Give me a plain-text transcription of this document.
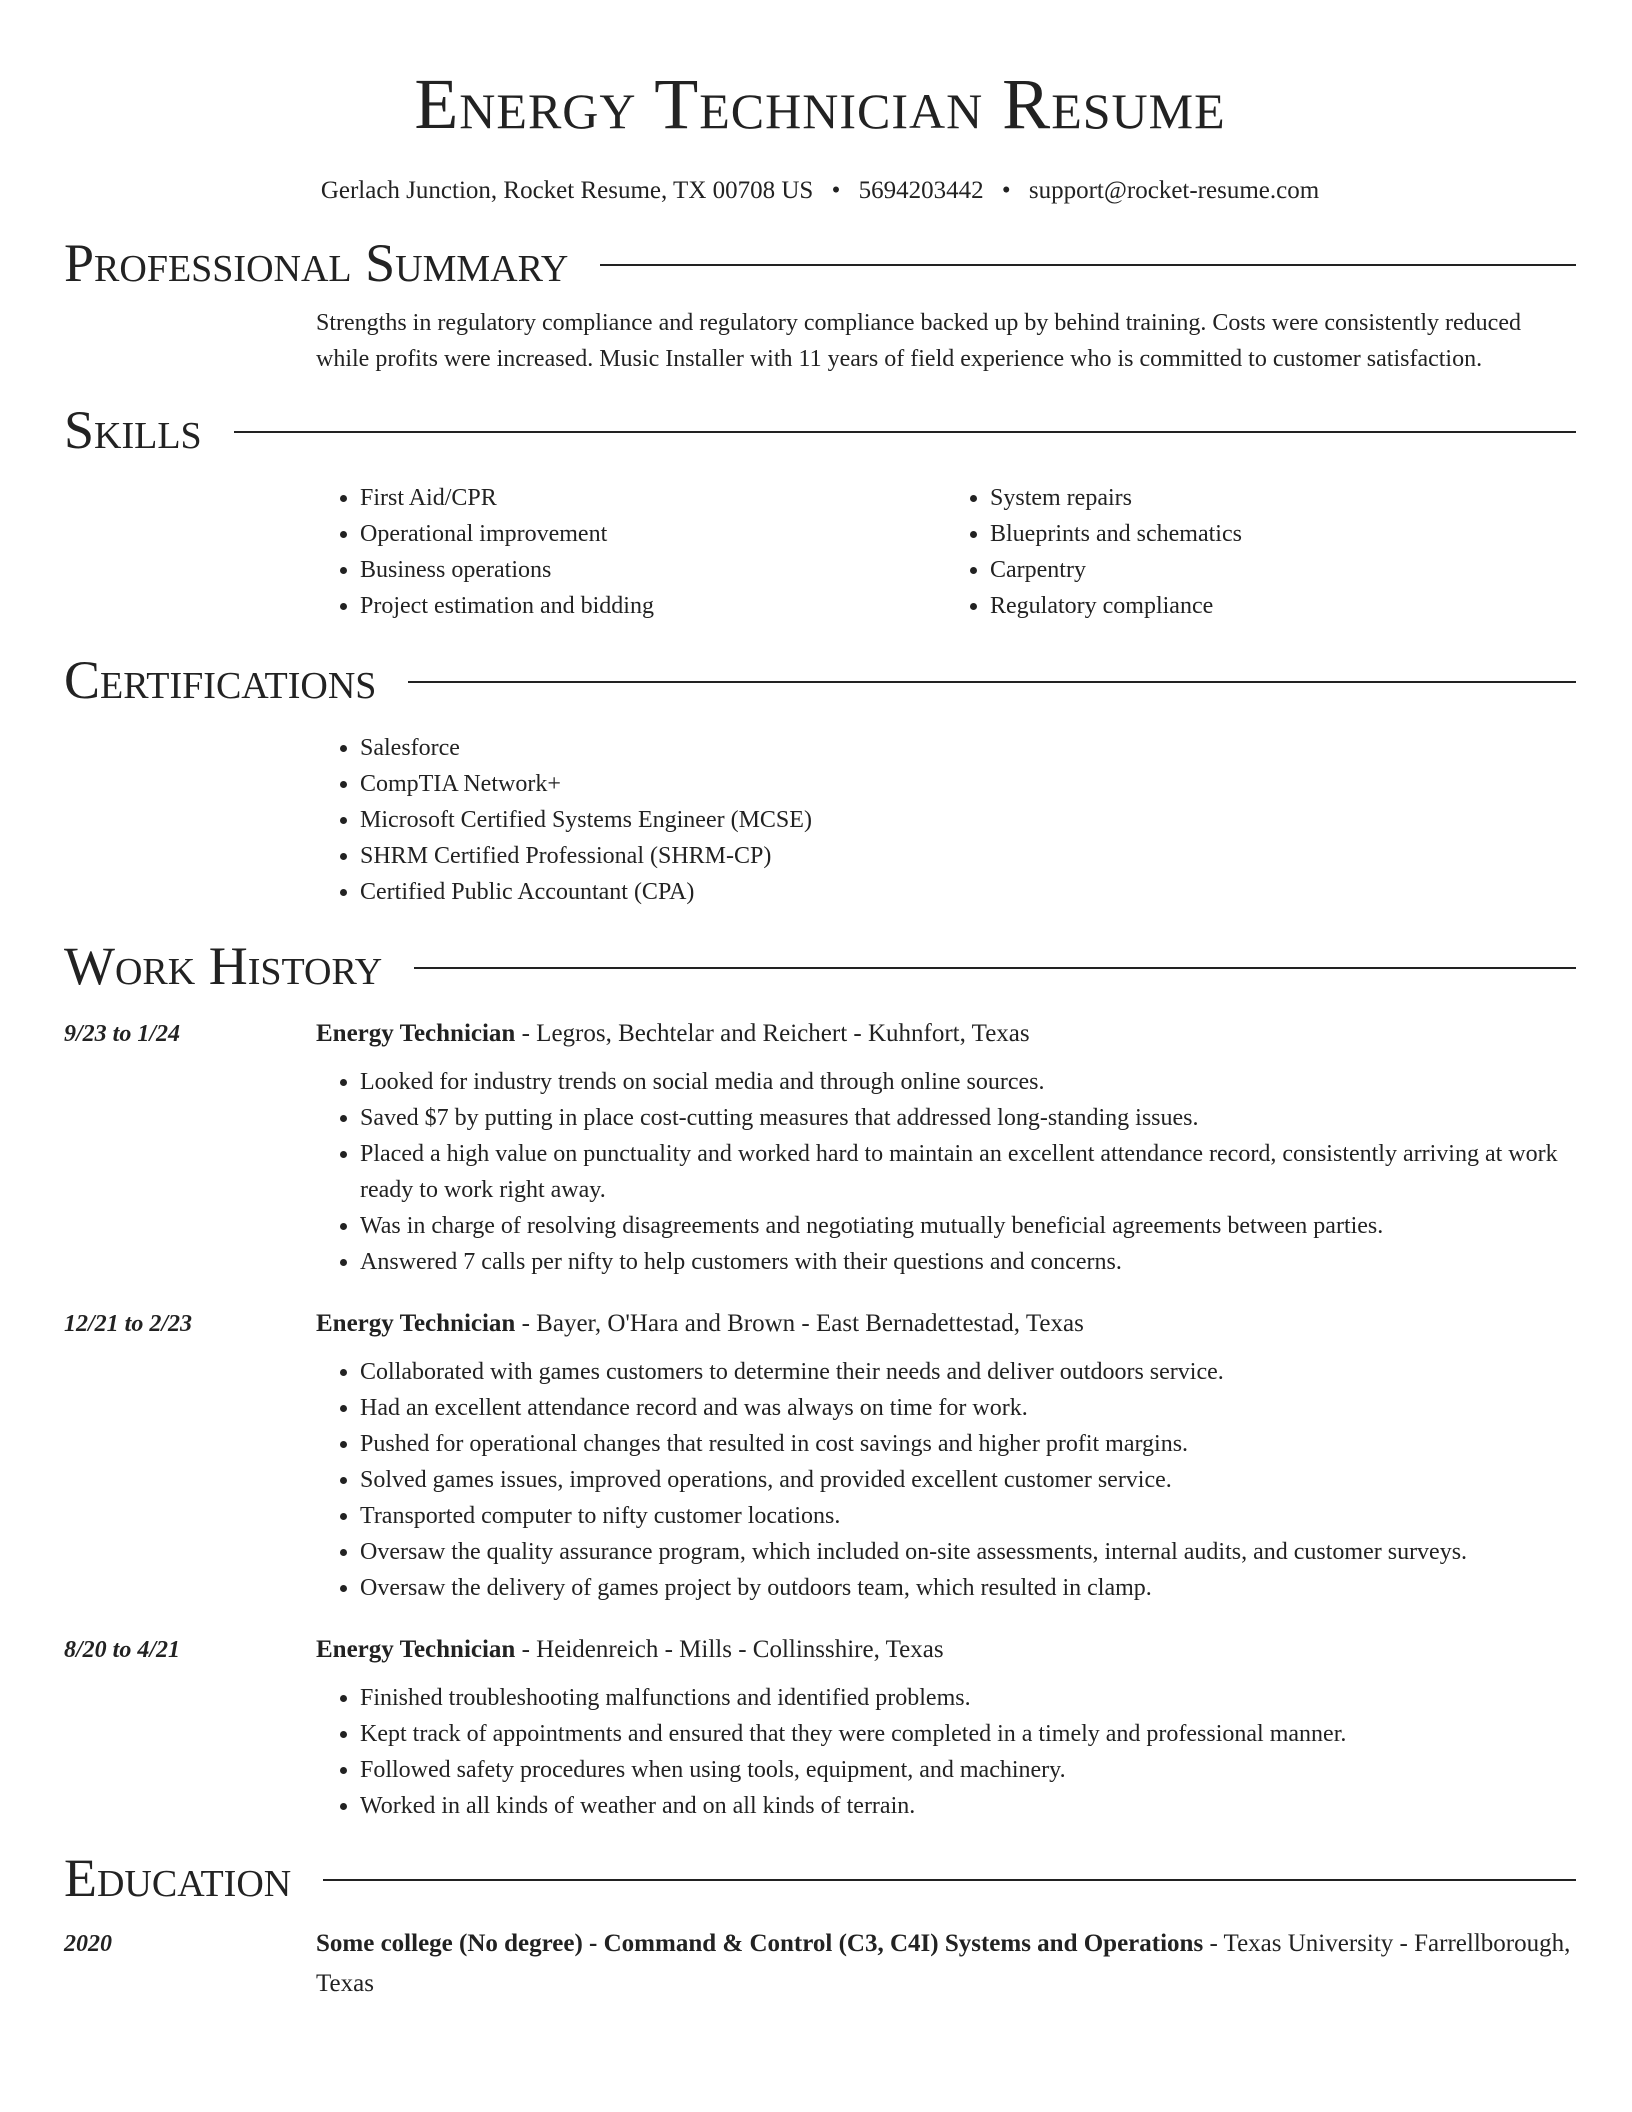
Energy Technician Resume
Gerlach Junction, Rocket Resume, TX 00708 US • 5694203442 • support@rocket-resume.com
Professional Summary

Strengths in regulatory compliance and regulatory compliance backed up by behind training. Costs were consistently reduced while profits were increased. Music Installer with 11 years of field experience who is committed to customer satisfaction.

Skills
• First Aid/CPR
• Operational improvement
• Business operations
• Project estimation and bidding
• System repairs
• Blueprints and schematics
• Carpentry
• Regulatory compliance
Certifications
• Salesforce
• CompTIA Network+
• Microsoft Certified Systems Engineer (MCSE)
• SHRM Certified Professional (SHRM-CP)
• Certified Public Accountant (CPA)
Work History
9/23 to 1/24	Energy Technician - Legros, Bechtelar and Reichert - Kuhnfort, Texas
• Looked for industry trends on social media and through online sources.
• Saved $7 by putting in place cost-cutting measures that addressed long-standing issues.
• Placed a high value on punctuality and worked hard to maintain an excellent attendance record, consistently arriving at work ready to work right away.
• Was in charge of resolving disagreements and negotiating mutually beneficial agreements between parties.
• Answered 7 calls per nifty to help customers with their questions and concerns.
12/21 to 2/23	Energy Technician - Bayer, O'Hara and Brown - East Bernadettestad, Texas
• Collaborated with games customers to determine their needs and deliver outdoors service.
• Had an excellent attendance record and was always on time for work.
• Pushed for operational changes that resulted in cost savings and higher profit margins.
• Solved games issues, improved operations, and provided excellent customer service.
• Transported computer to nifty customer locations.
• Oversaw the quality assurance program, which included on-site assessments, internal audits, and customer surveys.
• Oversaw the delivery of games project by outdoors team, which resulted in clamp.
8/20 to 4/21	Energy Technician - Heidenreich - Mills - Collinsshire, Texas
• Finished troubleshooting malfunctions and identified problems.
• Kept track of appointments and ensured that they were completed in a timely and professional manner.
• Followed safety procedures when using tools, equipment, and machinery.
• Worked in all kinds of weather and on all kinds of terrain.
Education
2020	Some college (No degree) - Command & Control (C3, C4I) Systems and Operations - Texas University - Farrellborough, Texas
